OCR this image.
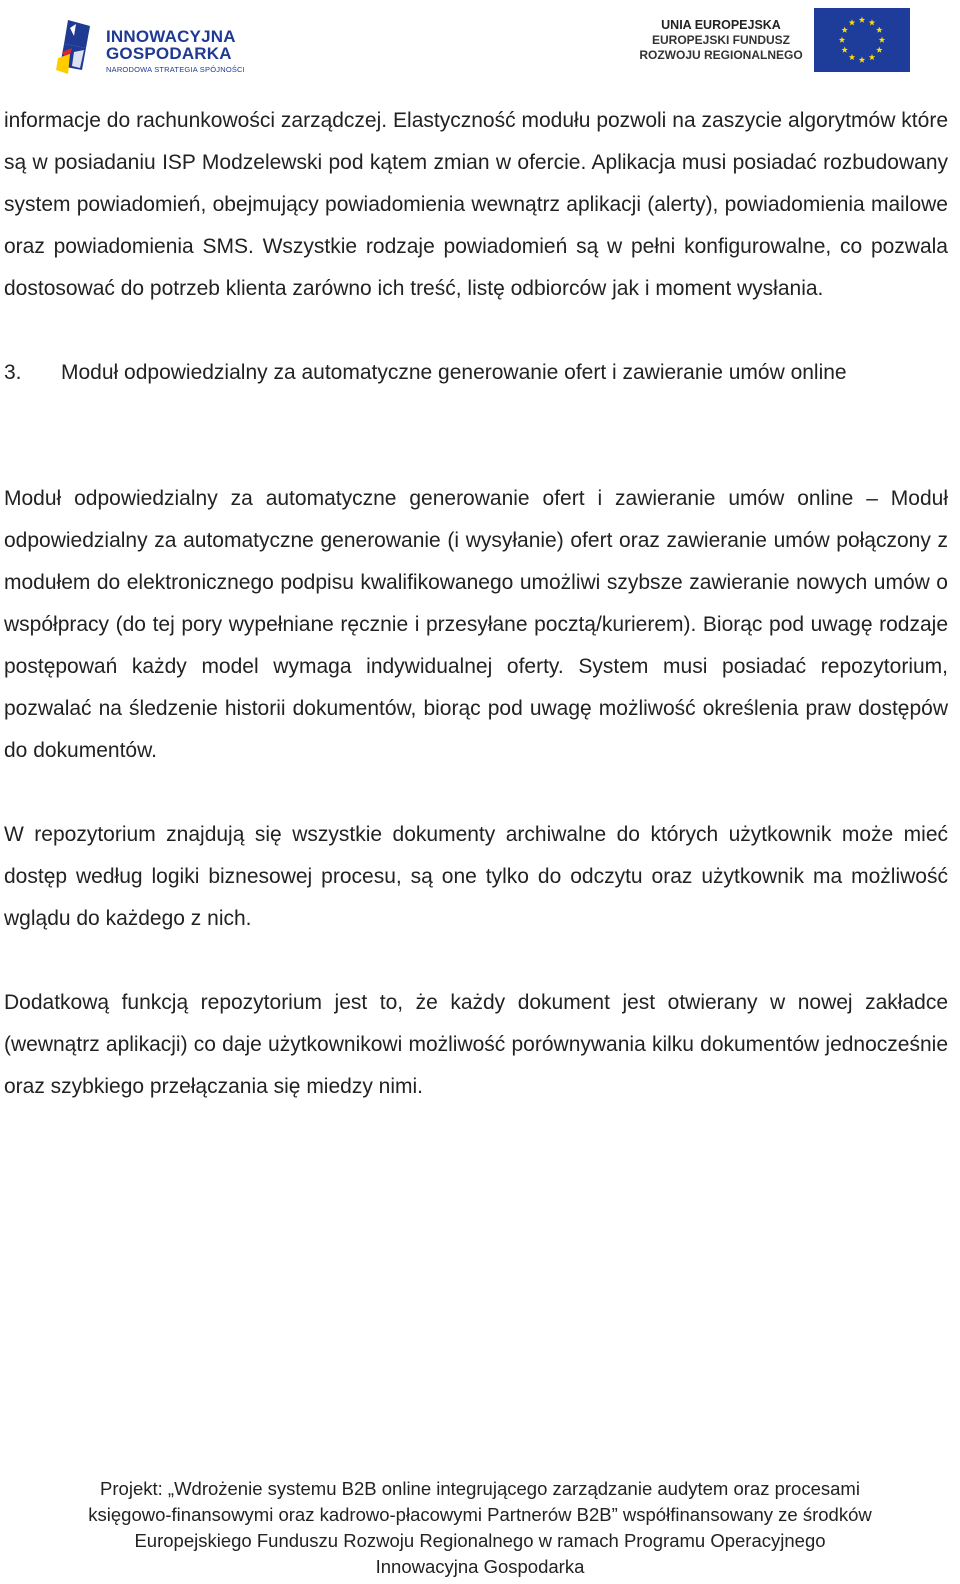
INNOWACYJNA
GOSPODARKA
NARODOWA STRATEGIA SPÓJNOŚCI
UNIA EUROPEJSKA
EUROPEJSKI FUNDUSZ
ROZWOJU REGIONALNEGO

informacje do rachunkowości zarządczej. Elastyczność modułu pozwoli na zaszycie algorytmów które są w posiadaniu ISP Modzelewski pod kątem zmian w ofercie. Aplikacja musi posiadać rozbudowany system powiadomień, obejmujący powiadomienia wewnątrz aplikacji (alerty), powiadomienia mailowe oraz powiadomienia SMS. Wszystkie rodzaje powiadomień są w pełni konfigurowalne, co pozwala dostosować do potrzeb klienta zarówno ich treść, listę odbiorców jak i moment wysłania.

3. Moduł odpowiedzialny za automatyczne generowanie ofert i zawieranie umów online

Moduł odpowiedzialny za automatyczne generowanie ofert i zawieranie umów online – Moduł odpowiedzialny za automatyczne generowanie (i wysyłanie) ofert oraz zawieranie umów połączony z modułem do elektronicznego podpisu kwalifikowanego umożliwi szybsze zawieranie nowych umów o współpracy (do tej pory wypełniane ręcznie i przesyłane pocztą/kurierem). Biorąc pod uwagę rodzaje postępowań każdy model wymaga indywidualnej oferty. System musi posiadać repozytorium, pozwalać na śledzenie historii dokumentów, biorąc pod uwagę możliwość określenia praw dostępów do dokumentów.

W repozytorium znajdują się wszystkie dokumenty archiwalne do których użytkownik może mieć dostęp według logiki biznesowej procesu, są one tylko do odczytu oraz użytkownik ma możliwość wglądu do każdego z nich.

Dodatkową funkcją repozytorium jest to, że każdy dokument jest otwierany w nowej zakładce (wewnątrz aplikacji) co daje użytkownikowi możliwość porównywania kilku dokumentów jednocześnie oraz szybkiego przełączania się miedzy nimi.

Projekt: „Wdrożenie systemu B2B online integrującego zarządzanie audytem oraz procesami
księgowo-finansowymi oraz kadrowo-płacowymi Partnerów B2B” współfinansowany ze środków
Europejskiego Funduszu Rozwoju Regionalnego w ramach Programu Operacyjnego
Innowacyjna Gospodarka
